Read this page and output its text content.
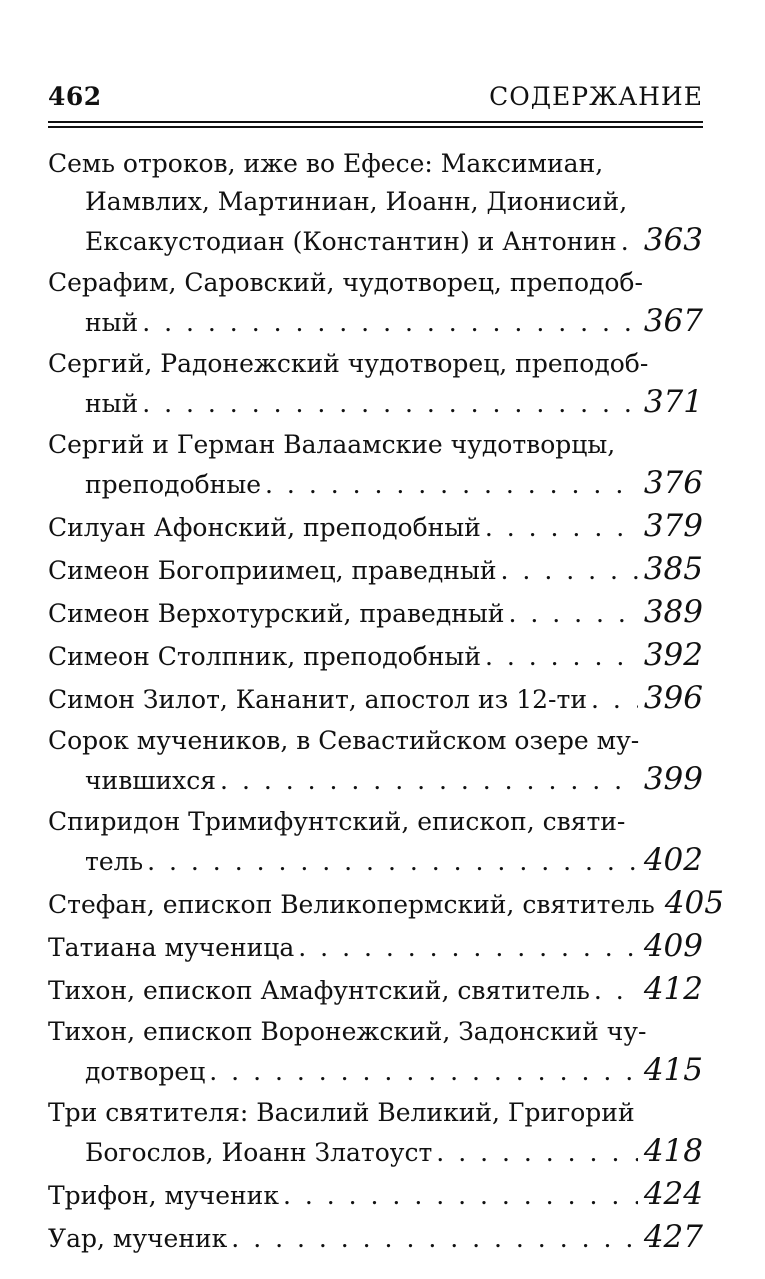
462	СОДЕРЖАНИЕ
Семь отроков, иже во Ефесе: Максимиан,
Иамвлих, Мартиниан, Иоанн, Дионисий,
Ексакустодиан (Константин) и Антонин . . . 363
Серафим, Саровский, чудотворец, преподоб-
ный . . .	367
Сергий, Радонежский чудотворец, преподоб-
ный . . .	371
Сергий и Герман Валаамские чудотворцы,
преподобные . . .	376
Силуан Афонский, преподобный . . .	379
Симеон Богоприимец, праведный . . .	385
Симеон Верхотурский, праведный . . .	389
Симеон Столпник, преподобный . . .	392
Симон Зилот, Кананит, апостол из 12-ти . . . 396
Сорок мучеников, в Севастийском озере му-
чившихся . . .	399
Спиридон Тримифунтский, епископ, святи-
тель . . .	402
Стефан, епископ Великопермский, святитель 405
Татиана мученица . . .	409
Тихон, епископ Амафунтский, святитель . . . 412
Тихон, епископ Воронежский, Задонский чу-
дотворец . . .	415
Три святителя: Василий Великий, Григорий
Богослов, Иоанн Златоуст . . .	418
Трифон, мученик . . .	424
Уар, мученик . . .	427
